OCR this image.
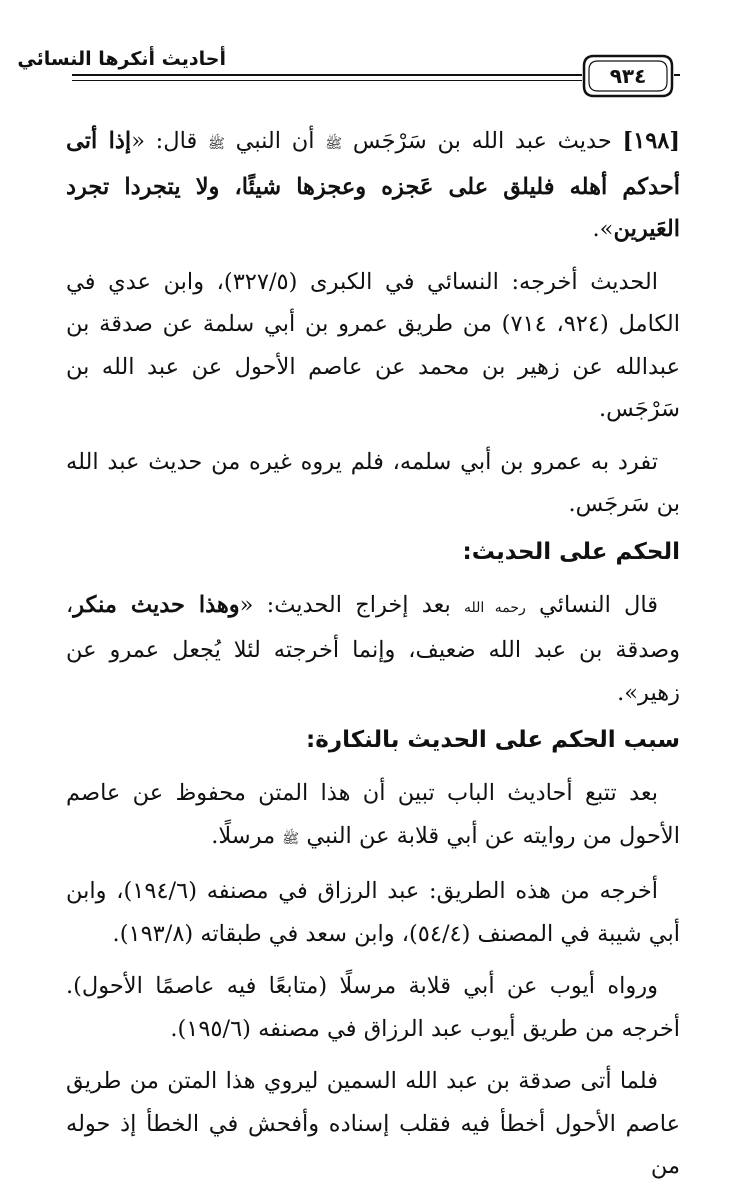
٩٣٤
أحاديث أنكرها النسائي

[١٩٨] حديث عبد الله بن سَرْجَس ﷺ أن النبي ﷺ قال: «إذا أتى أحدكم أهله فليلق على عَجزه وعجزها شيئًا، ولا يتجردا تجرد العَيرين».

الحديث أخرجه: النسائي في الكبرى (٣٢٧/٥)، وابن عدي في الكامل (٩٢٤، ٧١٤) من طريق عمرو بن أبي سلمة عن صدقة بن عبدالله عن زهير بن محمد عن عاصم الأحول عن عبد الله بن سَرْجَس.

تفرد به عمرو بن أبي سلمه، فلم يروه غيره من حديث عبد الله بن سَرجَس.

الحكم على الحديث:

قال النسائي رحمه الله بعد إخراج الحديث: «وهذا حديث منكر، وصدقة بن عبد الله ضعيف، وإنما أخرجته لئلا يُجعل عمرو عن زهير».

سبب الحكم على الحديث بالنكارة:

بعد تتبع أحاديث الباب تبين أن هذا المتن محفوظ عن عاصم الأحول من روايته عن أبي قلابة عن النبي ﷺ مرسلًا.

أخرجه من هذه الطريق: عبد الرزاق في مصنفه (١٩٤/٦)، وابن أبي شيبة في المصنف (٥٤/٤)، وابن سعد في طبقاته (١٩٣/٨).

ورواه أيوب عن أبي قلابة مرسلًا (متابعًا فيه عاصمًا الأحول). أخرجه من طريق أيوب عبد الرزاق في مصنفه (١٩٥/٦).

فلما أتى صدقة بن عبد الله السمين ليروي هذا المتن من طريق عاصم الأحول أخطأ فيه فقلب إسناده وأفحش في الخطأ إذ حوله من
